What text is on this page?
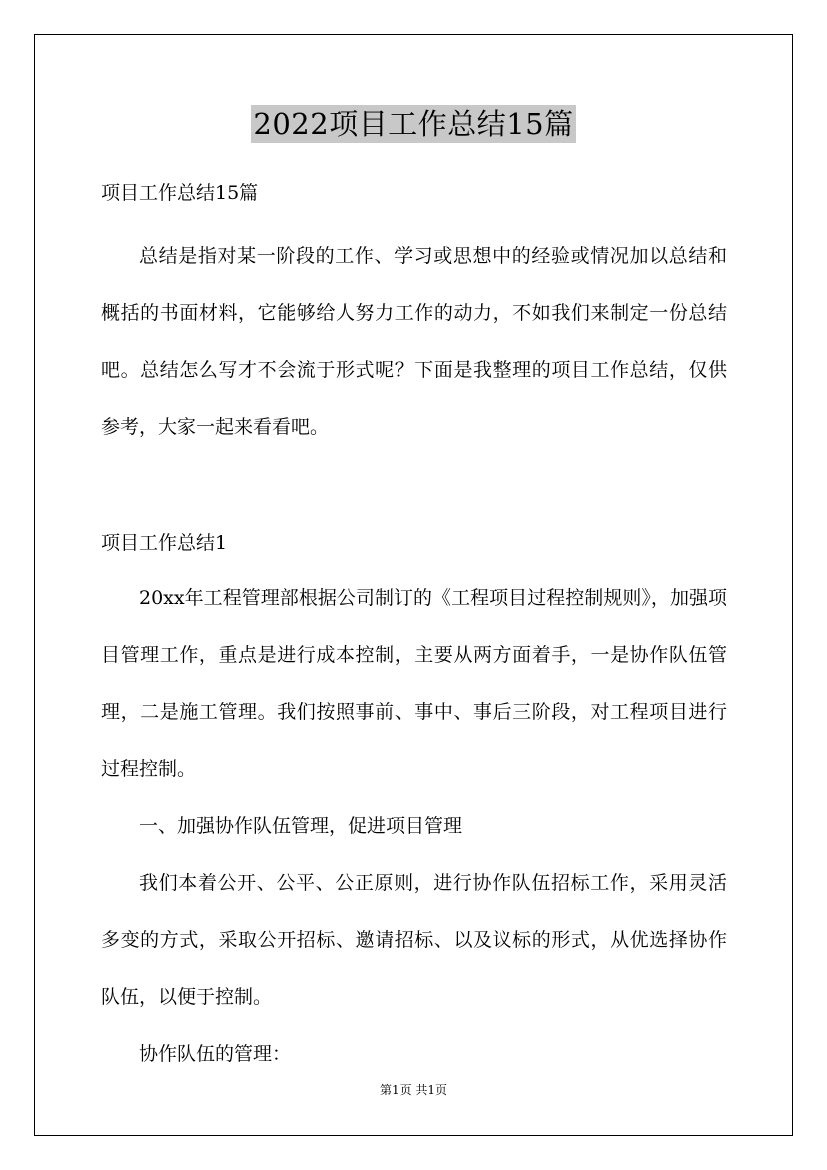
2022项目工作总结15篇

项目工作总结15篇

总结是指对某一阶段的工作、学习或思想中的经验或情况加以总结和概括的书面材料，它能够给人努力工作的动力，不如我们来制定一份总结吧。总结怎么写才不会流于形式呢？下面是我整理的项目工作总结，仅供参考，大家一起来看看吧。

项目工作总结1

20xx年工程管理部根据公司制订的《工程项目过程控制规则》，加强项目管理工作，重点是进行成本控制，主要从两方面着手，一是协作队伍管理，二是施工管理。我们按照事前、事中、事后三阶段，对工程项目进行过程控制。

一、加强协作队伍管理，促进项目管理

我们本着公开、公平、公正原则，进行协作队伍招标工作，采用灵活多变的方式，采取公开招标、邀请招标、以及议标的形式，从优选择协作队伍，以便于控制。

协作队伍的管理：

第1页 共1页
